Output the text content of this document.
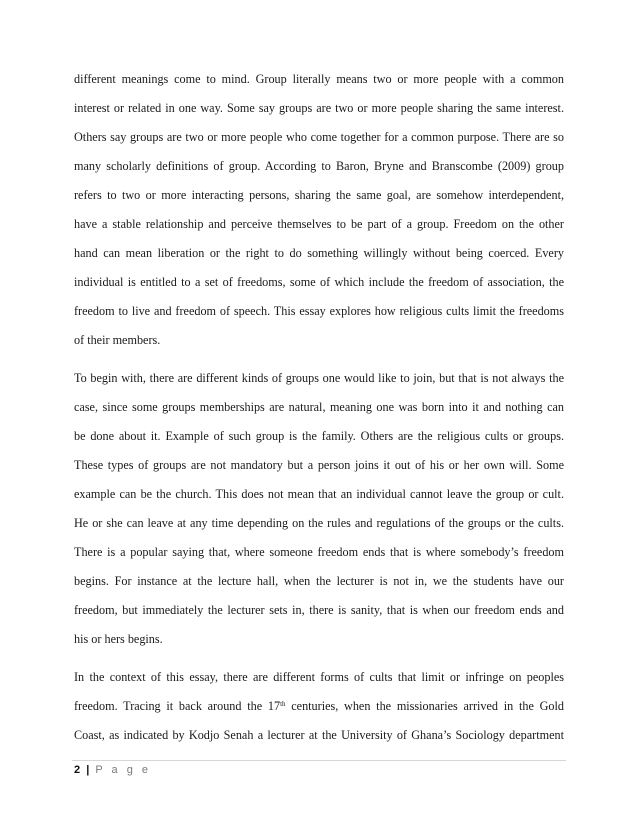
different meanings come to mind. Group literally means two or more people with a common
interest or related in one way. Some say groups are two or more people sharing the same interest.
Others say groups are two or more people who come together for a common purpose. There are so
many scholarly definitions of group. According to Baron, Bryne and Branscombe (2009) group
refers to two or more interacting persons, sharing the same goal, are somehow interdependent,
have a stable relationship and perceive themselves to be part of a group. Freedom on the other
hand can mean liberation or the right to do something willingly without being coerced. Every
individual is entitled to a set of freedoms, some of which include the freedom of association, the
freedom to live and freedom of speech. This essay explores how religious cults limit the freedoms
of their members.
To begin with, there are different kinds of groups one would like to join, but that is not always the
case, since some groups memberships are natural, meaning one was born into it and nothing can
be done about it. Example of such group is the family. Others are the religious cults or groups.
These types of groups are not mandatory but a person joins it out of his or her own will. Some
example can be the church. This does not mean that an individual cannot leave the group or cult.
He or she can leave at any time depending on the rules and regulations of the groups or the cults.
There is a popular saying that, where someone freedom ends that is where somebody’s freedom
begins. For instance at the lecture hall, when the lecturer is not in, we the students have our
freedom, but immediately the lecturer sets in, there is sanity, that is when our freedom ends and
his or hers begins.
In the context of this essay, there are different forms of cults that limit or infringe on peoples
freedom. Tracing it back around the 17th centuries, when the missionaries arrived in the Gold
Coast, as indicated by Kodjo Senah a lecturer at the University of Ghana’s Sociology department
2 | P a g e
